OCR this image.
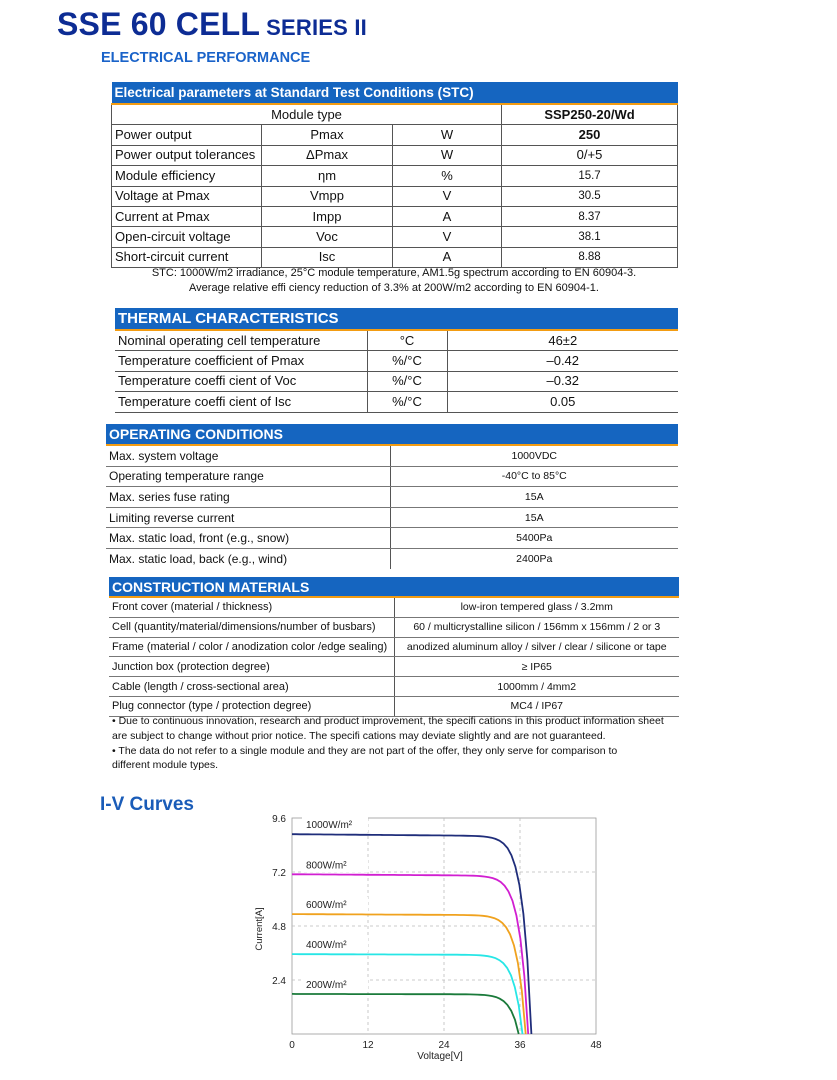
SSE 60 CELL SERIES II
ELECTRICAL PERFORMANCE
Electrical parameters at Standard Test Conditions (STC)			
Module type			SSP250-20/Wd
Power output	Pmax	W	250
Power output tolerances	ΔPmax	W	0/+5
Module efficiency	ηm	%	15.7
Voltage at Pmax	Vmpp	V	30.5
Current at Pmax	Impp	A	8.37
Open-circuit voltage	Voc	V	38.1
Short-circuit current	Isc	A	8.88
STC: 1000W/m2 irradiance, 25°C module temperature, AM1.5g spectrum according to EN 60904-3.
Average relative effi ciency reduction of 3.3% at 200W/m2 according to EN 60904-1.
THERMAL CHARACTERISTICS		
Nominal operating cell temperature	°C	46±2
Temperature coefficient of Pmax	%/°C	–0.42
Temperature coeffi cient of Voc	%/°C	–0.32
Temperature coeffi cient of Isc	%/°C	0.05
OPERATING CONDITIONS	
Max. system voltage	1000VDC
Operating temperature range	-40°C to 85°C
Max. series fuse rating	15A
Limiting reverse current	15A
Max. static load, front (e.g., snow)	5400Pa
Max. static load, back (e.g., wind)	2400Pa
CONSTRUCTION MATERIALS	
Front cover (material / thickness)	low-iron tempered glass / 3.2mm
Cell (quantity/material/dimensions/number of busbars)	60 / multicrystalline silicon / 156mm x 156mm / 2 or 3
Frame (material / color / anodization color /edge sealing)	anodized aluminum alloy / silver / clear / silicone or tape
Junction box (protection degree)	≥ IP65
Cable (length / cross-sectional area)	1000mm / 4mm2
Plug connector (type / protection degree)	MC4 / IP67
• Due to continuous innovation, research and product improvement, the specifi cations in this product information sheet
are subject to change without prior notice. The specifi cations may deviate slightly and are not guaranteed.
• The data do not refer to a single module and they are not part of the offer, they only serve for comparison to
different module types.
I-V Curves
1000W/m²
800W/m²
600W/m²
400W/m²
200W/m²
0	12	24	36	48
2.4
4.8
7.2
9.6
Voltage[V]
Current[A]
